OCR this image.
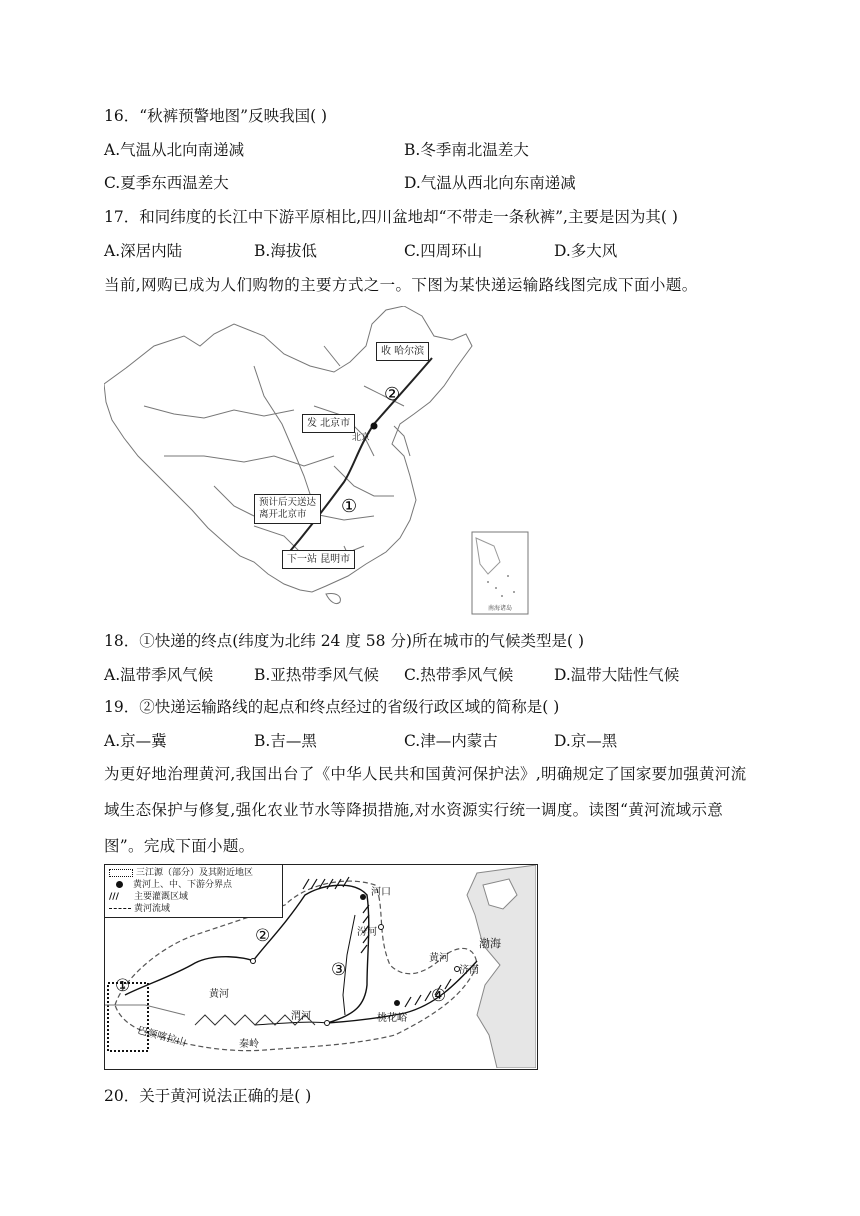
16．“秋裤预警地图”反映我国( )
A.气温从北向南递减	B.冬季南北温差大
C.夏季东西温差大	D.气温从西北向东南递减
17．和同纬度的长江中下游平原相比,四川盆地却“不带走一条秋裤”,主要是因为其( )
A.深居内陆	B.海拔低	C.四周环山	D.多大风
当前,网购已成为人们购物的主要方式之一。下图为某快递运输路线图完成下面小题。
北京
②
①
南海诸岛
收 哈尔滨
发 北京市
预计后天送达
离开北京市
下一站 昆明市
18．①快递的终点(纬度为北纬 24 度 58 分)所在城市的气候类型是( )
A.温带季风气候	B.亚热带季风气候 C.热带季风气候	D.温带大陆性气候
19．②快递运输路线的起点和终点经过的省级行政区域的简称是( )
A.京—冀	B.吉—黑	C.津—内蒙古	D.京—黑
为更好地治理黄河,我国出台了《中华人民共和国黄河保护法》,明确规定了国家要加强黄河流域生态保护与修复,强化农业节水等降损措施,对水资源实行统一调度。读图“黄河流域示意图”。完成下面小题。
河口
渤海
汾河
黄河
济南
黄河
渭河	桃花峪
秦岭
巴颜喀拉山
①
②
③
④
三江源（部分）及其附近地区
黄河上、中、下游分界点
/// 主要灌溉区域
黄河流域
20．关于黄河说法正确的是( )
